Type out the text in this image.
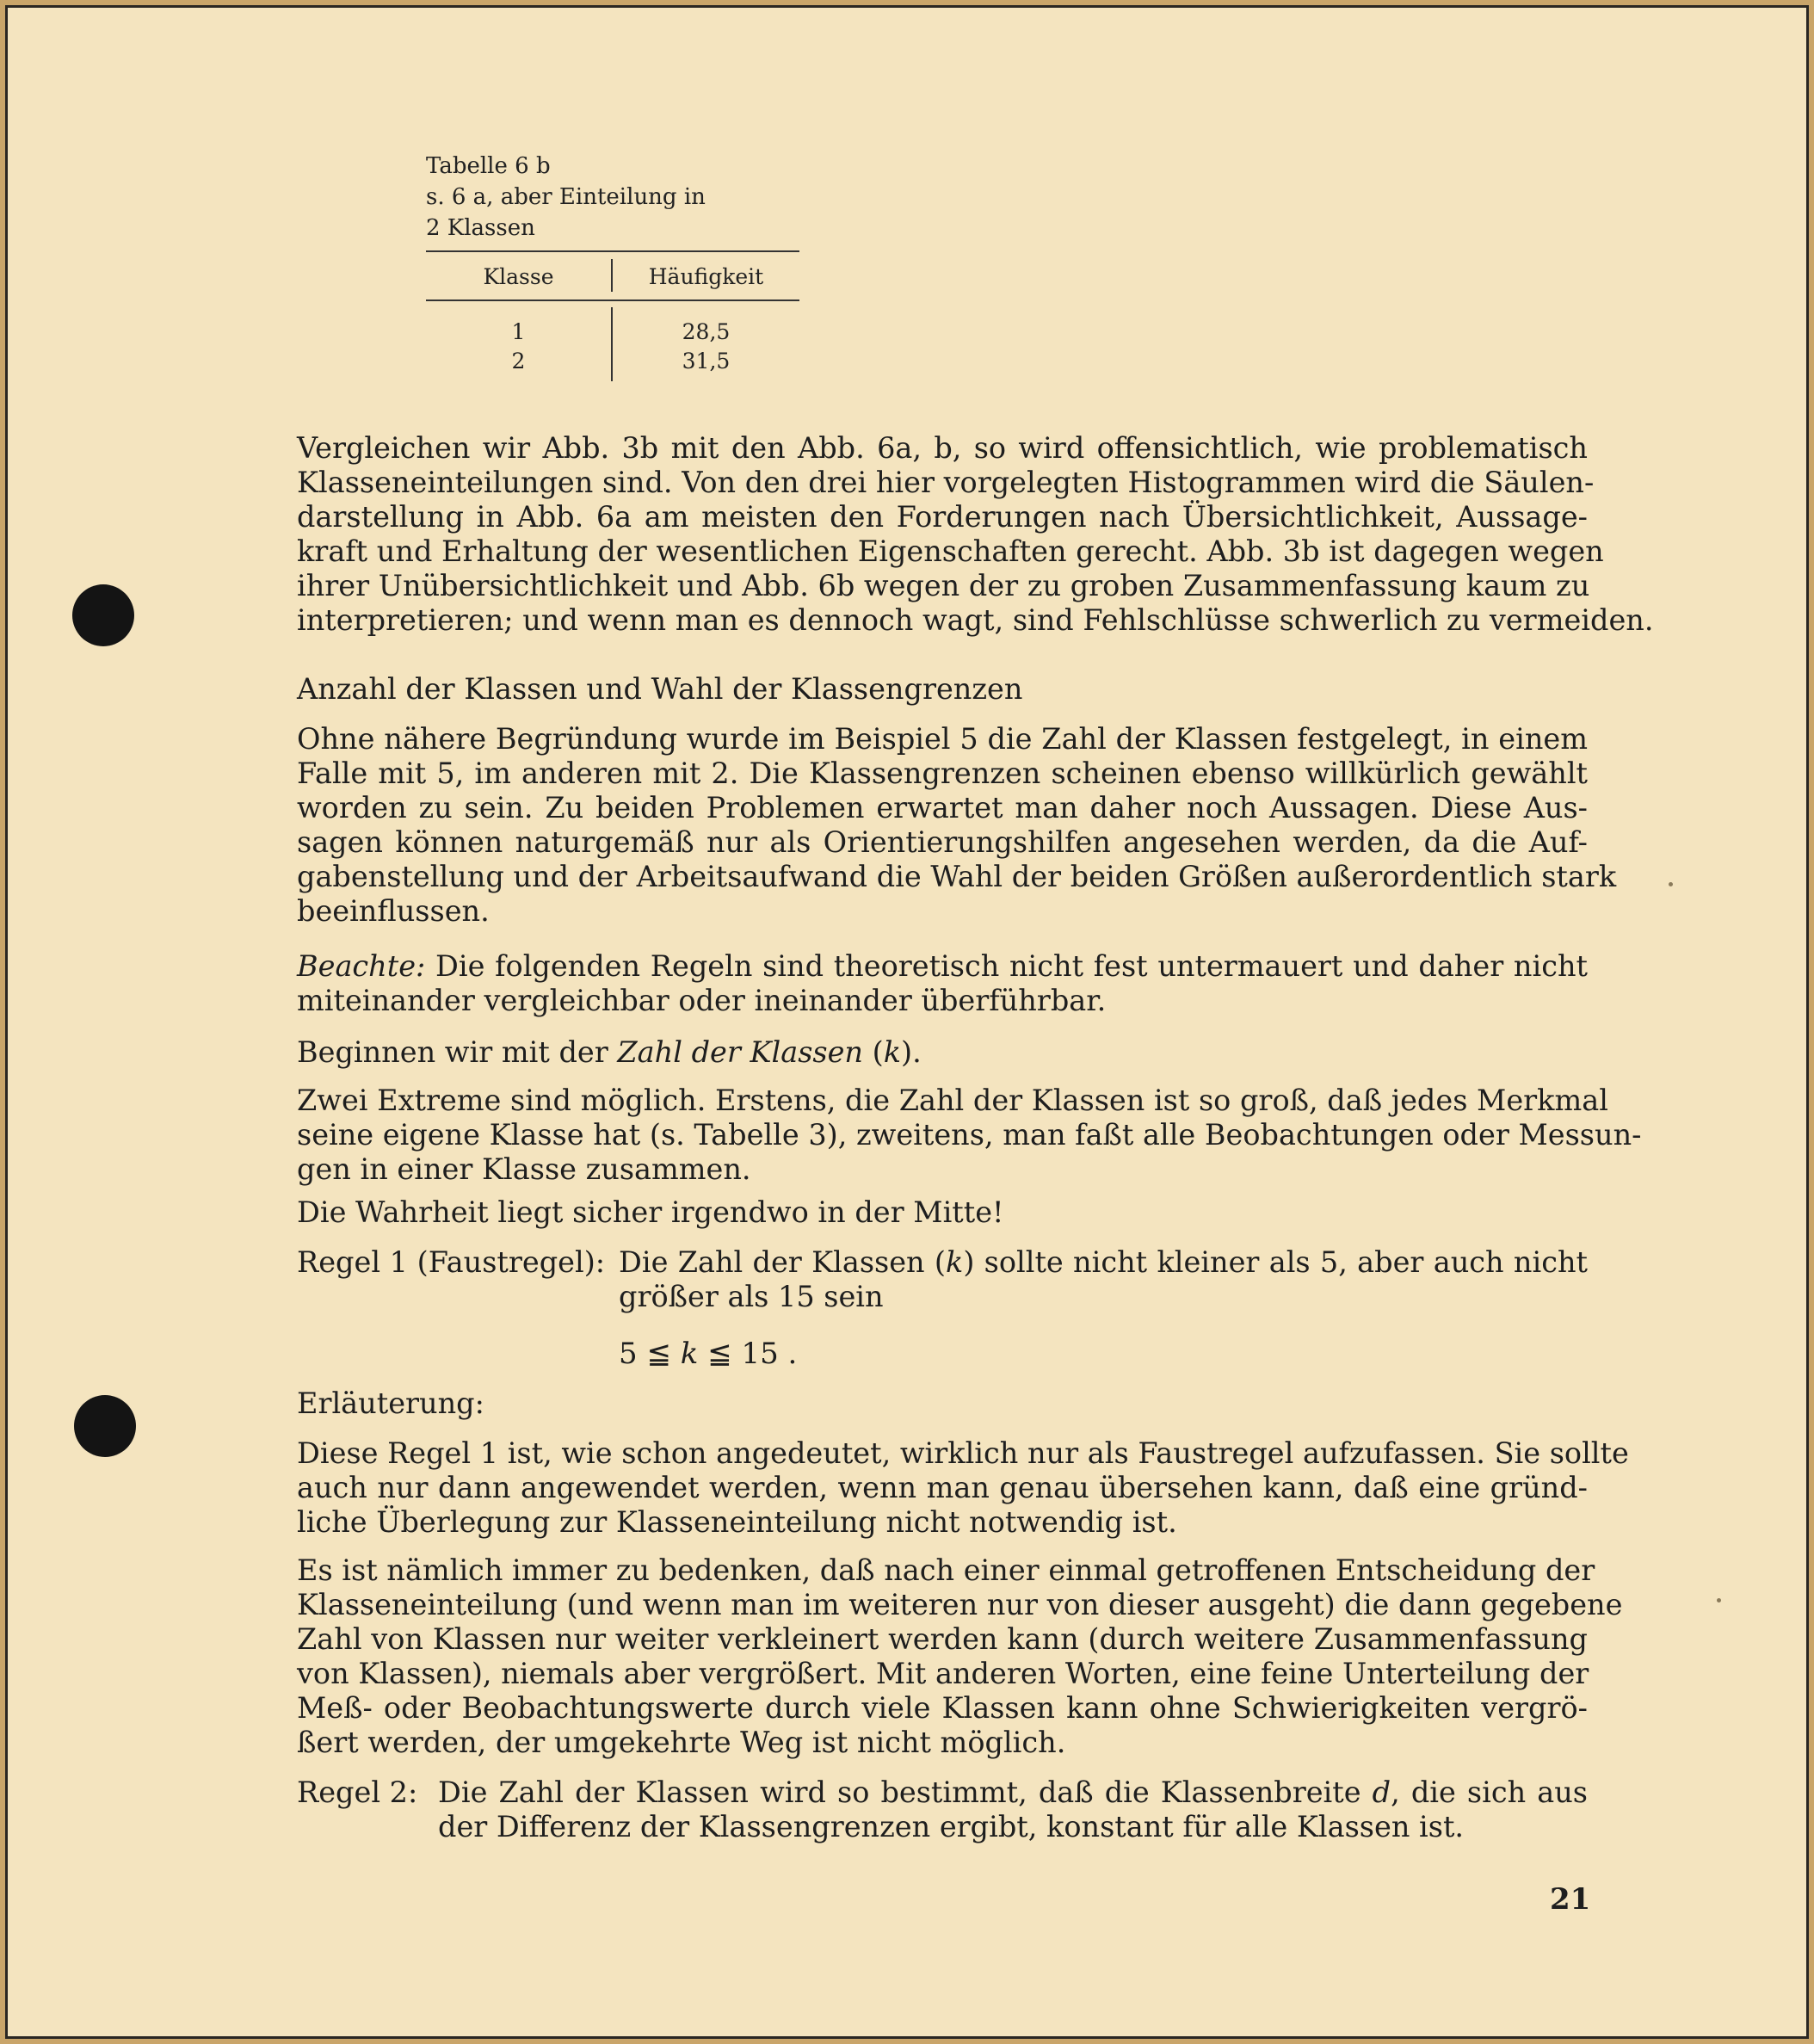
Tabelle 6 b
s. 6 a, aber Einteilung in
2 Klassen
Klasse	Häufigkeit
1	28,5
2	31,5
Vergleichen wir Abb. 3b mit den Abb. 6a, b, so wird offensichtlich, wie problematisch
Klasseneinteilungen sind. Von den drei hier vorgelegten Histogrammen wird die Säulen-
darstellung in Abb. 6a am meisten den Forderungen nach Übersichtlichkeit, Aussage-
kraft und Erhaltung der wesentlichen Eigenschaften gerecht. Abb. 3b ist dagegen wegen
ihrer Unübersichtlichkeit und Abb. 6b wegen der zu groben Zusammenfassung kaum zu
interpretieren; und wenn man es dennoch wagt, sind Fehlschlüsse schwerlich zu vermeiden.
Anzahl der Klassen und Wahl der Klassengrenzen
Ohne nähere Begründung wurde im Beispiel 5 die Zahl der Klassen festgelegt, in einem
Falle mit 5, im anderen mit 2. Die Klassengrenzen scheinen ebenso willkürlich gewählt
worden zu sein. Zu beiden Problemen erwartet man daher noch Aussagen. Diese Aus-
sagen können naturgemäß nur als Orientierungshilfen angesehen werden, da die Auf-
gabenstellung und der Arbeitsaufwand die Wahl der beiden Größen außerordentlich stark
beeinflussen.
Beachte: Die folgenden Regeln sind theoretisch nicht fest untermauert und daher nicht
miteinander vergleichbar oder ineinander überführbar.
Beginnen wir mit der Zahl der Klassen (k).
Zwei Extreme sind möglich. Erstens, die Zahl der Klassen ist so groß, daß jedes Merkmal
seine eigene Klasse hat (s. Tabelle 3), zweitens, man faßt alle Beobachtungen oder Messun-
gen in einer Klasse zusammen.
Die Wahrheit liegt sicher irgendwo in der Mitte!
Regel 1 (Faustregel): Die Zahl der Klassen (k) sollte nicht kleiner als 5, aber auch nicht
größer als 15 sein
5 ≦ k ≦ 15 .
Erläuterung:
Diese Regel 1 ist, wie schon angedeutet, wirklich nur als Faustregel aufzufassen. Sie sollte
auch nur dann angewendet werden, wenn man genau übersehen kann, daß eine gründ-
liche Überlegung zur Klasseneinteilung nicht notwendig ist.
Es ist nämlich immer zu bedenken, daß nach einer einmal getroffenen Entscheidung der
Klasseneinteilung (und wenn man im weiteren nur von dieser ausgeht) die dann gegebene
Zahl von Klassen nur weiter verkleinert werden kann (durch weitere Zusammenfassung
von Klassen), niemals aber vergrößert. Mit anderen Worten, eine feine Unterteilung der
Meß- oder Beobachtungswerte durch viele Klassen kann ohne Schwierigkeiten vergrö-
ßert werden, der umgekehrte Weg ist nicht möglich.
Regel 2: Die Zahl der Klassen wird so bestimmt, daß die Klassenbreite d, die sich aus
der Differenz der Klassengrenzen ergibt, konstant für alle Klassen ist.
21
